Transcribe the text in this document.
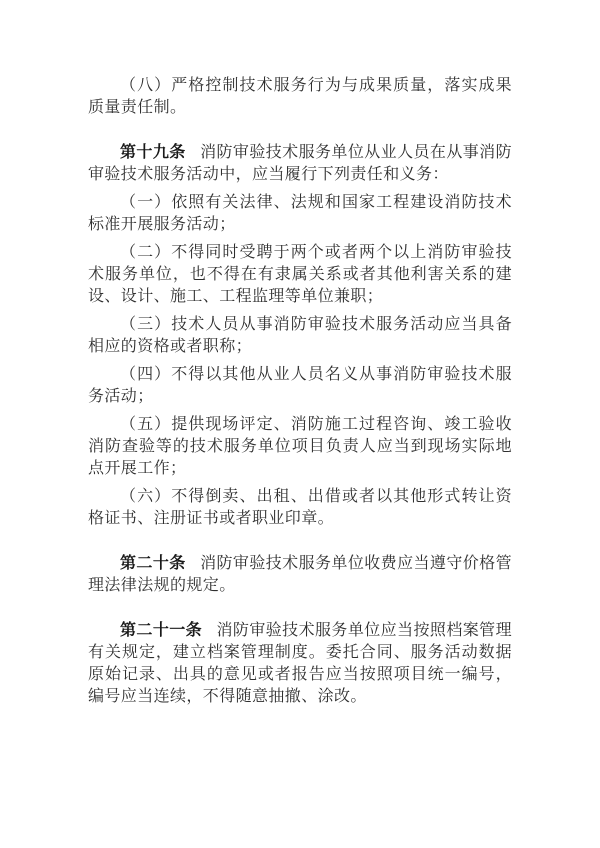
（八）严格控制技术服务行为与成果质量，落实成果质量责任制。

第十九条 消防审验技术服务单位从业人员在从事消防审验技术服务活动中，应当履行下列责任和义务：

（一）依照有关法律、法规和国家工程建设消防技术标准开展服务活动；

（二）不得同时受聘于两个或者两个以上消防审验技术服务单位，也不得在有隶属关系或者其他利害关系的建设、设计、施工、工程监理等单位兼职；

（三）技术人员从事消防审验技术服务活动应当具备相应的资格或者职称；

（四）不得以其他从业人员名义从事消防审验技术服务活动；

（五）提供现场评定、消防施工过程咨询、竣工验收消防查验等的技术服务单位项目负责人应当到现场实际地点开展工作；

（六）不得倒卖、出租、出借或者以其他形式转让资格证书、注册证书或者职业印章。

第二十条 消防审验技术服务单位收费应当遵守价格管理法律法规的规定。

第二十一条 消防审验技术服务单位应当按照档案管理有关规定，建立档案管理制度。委托合同、服务活动数据原始记录、出具的意见或者报告应当按照项目统一编号，编号应当连续，不得随意抽撤、涂改。
